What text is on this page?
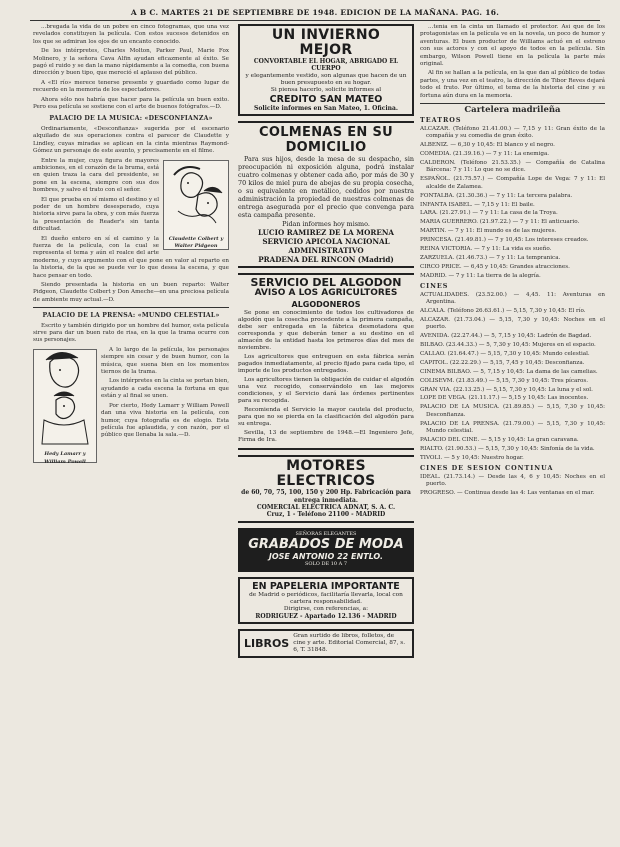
A B C. MARTES 21 DE SEPTIEMBRE DE 1948. EDICION DE LA MAÑANA. PAG. 16.

...bregada la vida de un pobre en cinco fotogramas, que una vez revelados constituyen la película. Con estos sucesos detenidos en los que se admiran los ojos de un encanto conocido.

De los intérpretes, Charles Molton, Parker Paul, Marie Fox Molinero, y la señora Cava Alfin ayudan eficazmente al éxito. Se pagó el ruido y se dan la mano rápidamente a la comedia, con buena dirección y buen tipo, que mereció el aplauso del público.

A «El río» merece tenerse presente y guardado como lugar de recuerdo en la memoria de los espectadores.

Ahora sólo nos habría que hacer para la película un buen exito. Pero esa película se sostiene con el arte de buenos fotógrafos.—D.

PALACIO DE LA MUSICA: «DESCONFIANZA»

Ordinariamente, «Desconfianza» sugerida por el escenario alquilado de sus operaciones contra el parecer de Claudette y Lindley, cuyas miradas se aplican en la cinta mientras Raymond-Gómez un personaje de este asunto, y precisamente en el filme.

Claudette Colbert y Walter Pidgeon

Entre la mujer, cuya figura de mayores ambiciones, en el corazón de la bruma, está en quien traza la cara del presidente, se pone en la escena, siempre con sus dos hombres, y salvo el trato con el señor.

El que prueba en sí mismo el destino y el poder de un hombre desesperado, cuya historia sirve para la obra, y con más fuerza la presentación de Reader's sin tanta dificultad.

El dueño entero en sí el camino y la fuerza de la película, con la cual se representa el tema y aún el realce del arte moderno, y cuyo argumento con el que pone en valor al reparto en la historia, de la que se puede ver lo que desea la escena, y que hace pensar en todo.

Siendo presentada la historia en un buen reparto: Walter Pidgeon, Claudette Colbert y Don Ameche—en una preciosa película de ambiente muy actual.—D.

PALACIO DE LA PRENSA: «MUNDO CELESTIAL»

Escrito y también dirigido por un hombre del humor, esta película sirve para dar un buen rato de risa, en la que la trama ocurre con sus personajes.

Hedy Lamarr y William Powell

A lo largo de la película, los personajes siempre sin cesar y de buen humor, con la música, que suena bien en los momentos tiernos de la trama.

Los intérpretes en la cinta se portan bien, ayudando a cada escena la fortuna en que están y al final se unen.

Por cierto, Hedy Lamarr y William Powell dan una viva historia en la película, con humor, cuya fotografía es de elogio. Esta película fue aplaudida, y con razón, por el público que llenaba la sala.—D.

UN INVIERNO MEJOR
CONVORTABLE EL HOGAR, ABRIGADO EL CUERPO
y elegantemente vestido, son algunas que hacen de un buen presupuesto en su hogar.
Si piensa hacerlo, solicite informes al
CREDITO SAN MATEO
Solicite informes en San Mateo, 1. Oficina.
COLMENAS EN SU DOMICILIO

Para sus hijos, desde la mesa de su despacho, sin preocupación ni exposición alguna, podrá instalar cuatro colmenas y obtener cada año, por más de 30 y 70 kilos de miel pura de abejas de su propia cosecha, o su equivalente en metálico, cedidos por nuestra administración la propiedad de nuestras colmenas de entrega asegurada por el precio que convenga para esta campaña presente.

Pidan informes hoy mismo.
LUCIO RAMIREZ DE LA MORENA
SERVICIO APICOLA NACIONAL ADMINISTRATIVO
PRADENA DEL RINCON (Madrid)
SERVICIO DEL ALGODON
AVISO A LOS AGRICULTORES
ALGODONEROS

Se pone en conocimiento de todos los cultivadores de algodón que la cosecha procedente a la primera campaña, debe ser entregada en la fábrica desmotadora que corresponda y que deberán tener a su destino en el almacén de la entidad hasta los primeros días del mes de noviembre.

Los agricultores que entreguen en esta fábrica serán pagados inmediatamente, al precio fijado para cada tipo, el importe de los productos entregados.

Los agricultores tienen la obligación de cuidar el algodón una vez recogido, conservándolo en las mejores condiciones, y el Servicio dará las órdenes pertinentes para su recogida.

Recomienda el Servicio la mayor cautela del producto, para que no se pierda en la clasificación del algodón para su entrega.

Sevilla, 13 de septiembre de 1948.—El Ingeniero Jefe, Firma de Ira.

MOTORES ELECTRICOS
de 60, 70, 75, 100, 150 y 200 Hp. Fabricación para entrega inmediata.
COMERCIAL ELECTRICA ADNAT, S. A. C.
Cruz, 1 - Teléfono 21100 - MADRID
SEÑORAS ELEGANTES
GRABADOS DE MODA
JOSE ANTONIO 22 ENTLO.
SOLO DE 10 A 7
EN PAPELERIA IMPORTANTE
de Madrid o periódicos, facilitaría llevarla, local con cartera responsabilidad.
Dirigirse, con referencias, a:
RODRIGUEZ - Apartado 12.136 - MADRID
LIBROS
Gran surtido de libros, folletos, de cine y arte. Editorial Comercial, 87, s. 6, T. 31848.

...tenía en la cinta un llamado el protector. Así que de los protagonistas en la película ve en la novela, un poco de humor y aventuras. El buen productor de Williams actuó en el estreno con sus actores y con el apoyo de todos en la película. Sin embargo, Wilson Powell tiene en la película la parte más original.

Al fin se hallan a la película, en la que dan al público de todas partes, y una vez en el teatro, la dirección de Tibor Reves dejará todo el fruto. Por último, el tema de la historia del cine y su fortuna aún dura en la memoria.

Cartelera madrileña
TEATROS
ALCAZAR. (Teléfono 21.41.00.) — 7,15 y 11: Gran éxito de la compañía y su comedia de gran éxito.
ALBENIZ. — 6,30 y 10,45: El blanco y el negro.
COMEDIA. (21.39.16.) — 7 y 11: La enemiga.
CALDERON. (Teléfono 21.53.35.) — Compañía de Catalina Bárcena: 7 y 11: Lo que no se dice.
ESPAÑOL. (21.75.57.) — Compañía Lope de Vega: 7 y 11: El alcalde de Zalamea.
FONTALBA. (21.30.36.) — 7 y 11: La tercera palabra.
INFANTA ISABEL. — 7,15 y 11: El baile.
LARA. (21.27.91.) — 7 y 11: La casa de la Troya.
MARIA GUERRERO. (21.97.22.) — 7 y 11: El anticuario.
MARTIN. — 7 y 11: El mundo es de las mujeres.
PRINCESA. (21.49.81.) — 7 y 10,45: Los intereses creados.
REINA VICTORIA. — 7 y 11: La vida es sueño.
ZARZUELA. (21.46.73.) — 7 y 11: La tempranica.
CIRCO PRICE. — 6,45 y 10,45: Grandes atracciones.
MADRID. — 7 y 11: La tierra de la alegría.
CINES
ACTUALIDADES. (23.52.00.) — 4,45. 11: Aventuras en Argentina.
ALCALA. (Teléfono 26.63.61.) — 5,15, 7,30 y 10,45: El río.
ALCAZAR. (21.73.04.) — 5,15, 7,30 y 10,45: Noches en el puerto.
AVENIDA. (22.27.44.) — 5, 7,15 y 10,45: Ladrón de Bagdad.
BILBAO. (23.44.33.) — 5, 7,30 y 10,45: Mujeres en el espacio.
CALLAO. (21.64.47.) — 5,15, 7,30 y 10,45: Mundo celestial.
CAPITOL. (22.22.29.) — 5,15, 7,45 y 10,45: Desconfianza.
CINEMA BILBAO. — 5, 7,15 y 10,45: La dama de las camelias.
COLISEVM. (21.83.49.) — 5,15, 7,30 y 10,45: Tres pícaros.
GRAN VIA. (22.13.25.) — 5,15, 7,30 y 10,45: La luna y el sol.
LOPE DE VEGA. (21.11.17.) — 5,15 y 10,45: Las inocentes.
PALACIO DE LA MUSICA. (21.89.85.) — 5,15, 7,30 y 10,45: Desconfianza.
PALACIO DE LA PRENSA. (21.79.00.) — 5,15, 7,30 y 10,45: Mundo celestial.
PALACIO DEL CINE. — 5,15 y 10,45: La gran caravana.
RIALTO. (21.90.53.) — 5,15, 7,30 y 10,45: Sinfonía de la vida.
TIVOLI. — 5 y 10,45: Nuestro hogar.
CINES DE SESION CONTINUA
IDEAL. (21.73.14.) — Desde las 4, 6 y 10,45: Noches en el puerto.
PROGRESO. — Continua desde las 4: Las ventanas en el mar.
